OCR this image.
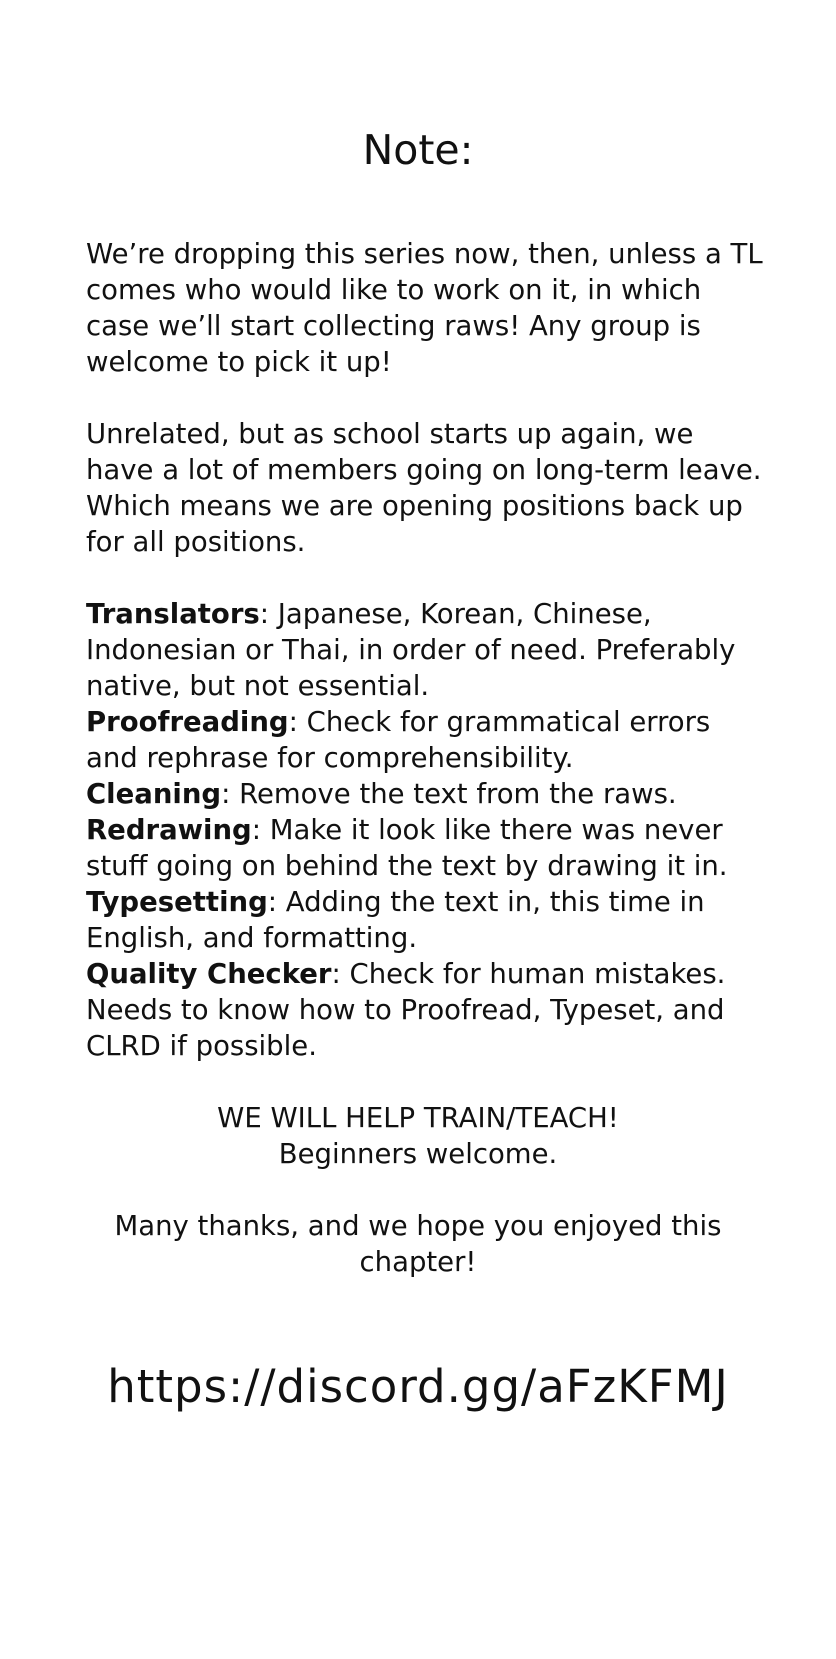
Note:
We’re dropping this series now, then, unless a TL comes who would like to work on it, in which case we’ll start collecting raws! Any group is welcome to pick it up!
Unrelated, but as school starts up again, we have a lot of members going on long-term leave. Which means we are opening positions back up for all positions.
Translators: Japanese, Korean, Chinese, Indonesian or Thai, in order of need. Preferably native, but not essential.
Proofreading: Check for grammatical errors and rephrase for comprehensibility.
Cleaning: Remove the text from the raws.
Redrawing: Make it look like there was never stuff going on behind the text by drawing it in.
Typesetting: Adding the text in, this time in English, and formatting.
Quality Checker: Check for human mistakes. Needs to know how to Proofread, Typeset, and CLRD if possible.
WE WILL HELP TRAIN/TEACH!
Beginners welcome.
Many thanks, and we hope you enjoyed this chapter!
https://discord.gg/aFzKFMJ
